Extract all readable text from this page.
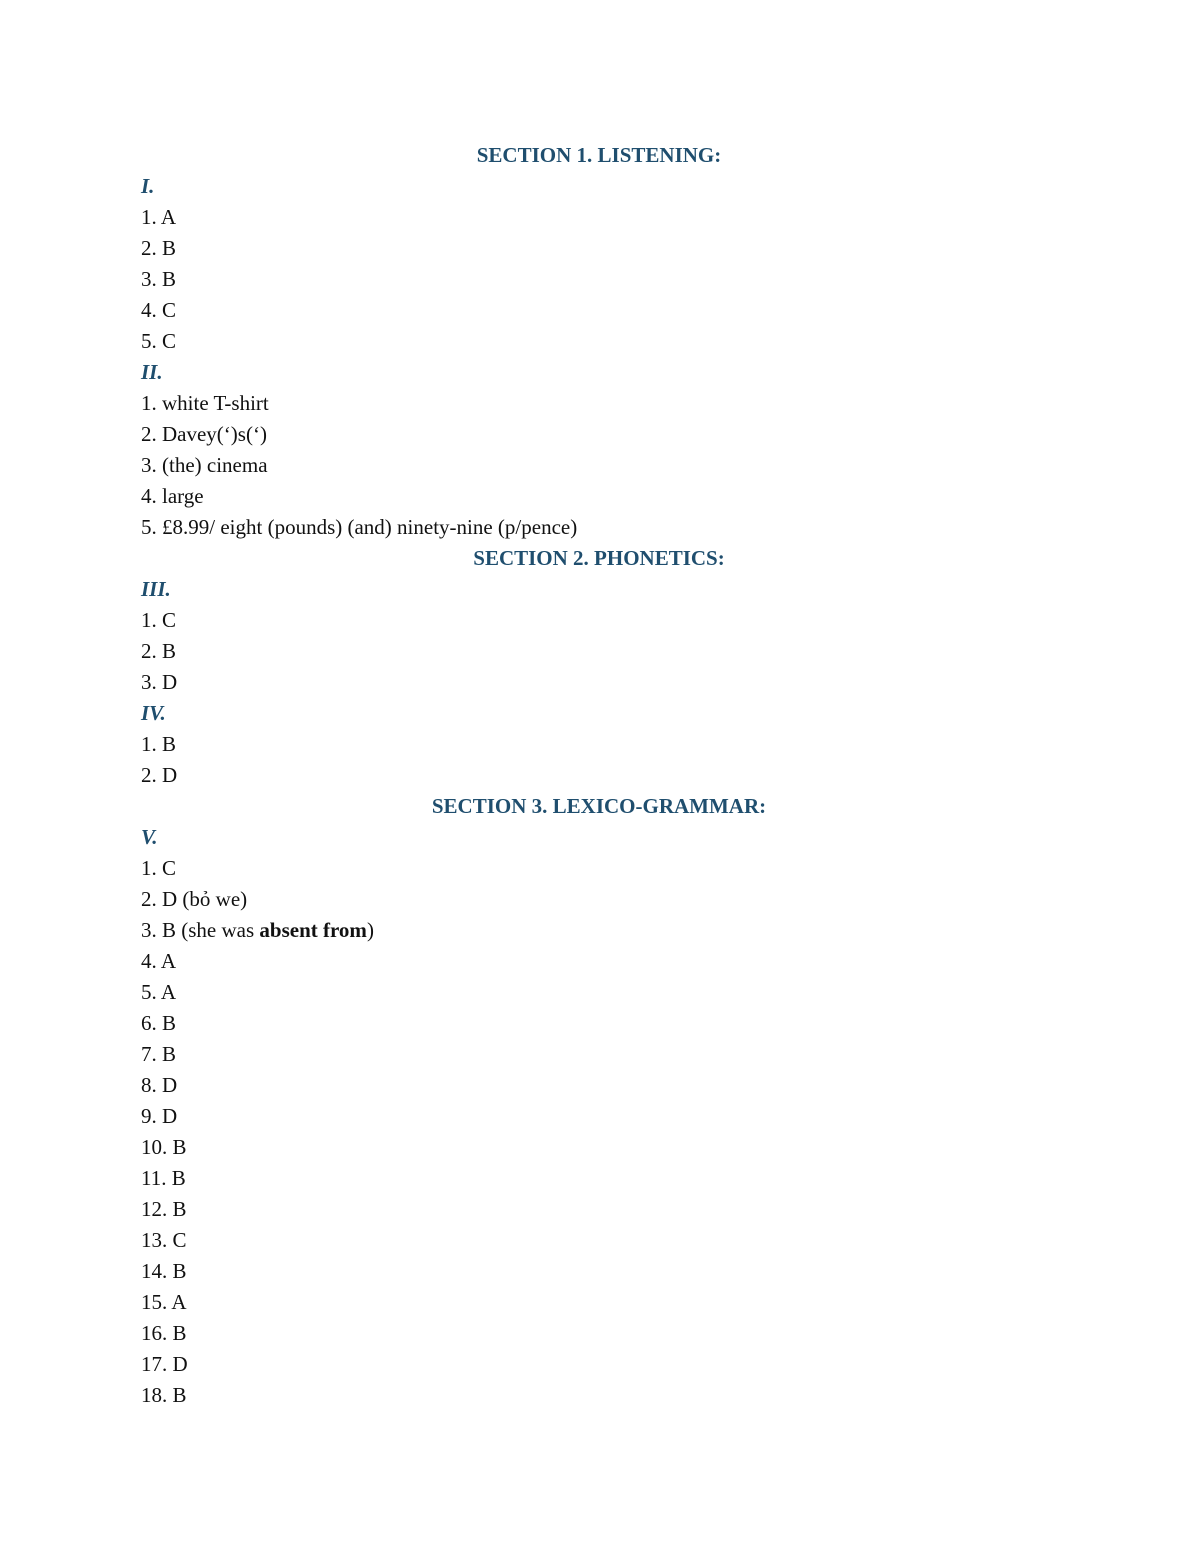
SECTION 1. LISTENING:
I.
1. A
2. B
3. B
4. C
5. C
II.
1. white T-shirt
2. Davey(‘)s(‘)
3. (the) cinema
4. large
5. £8.99/ eight (pounds) (and) ninety-nine (p/pence)
SECTION 2. PHONETICS:
III.
1. C
2. B
3. D
IV.
1. B
2. D
SECTION 3. LEXICO-GRAMMAR:
V.
1. C
2. D (bỏ we)
3. B (she was absent from)
4. A
5. A
6. B
7. B
8. D
9. D
10. B
11. B
12. B
13. C
14. B
15. A
16. B
17. D
18. B
